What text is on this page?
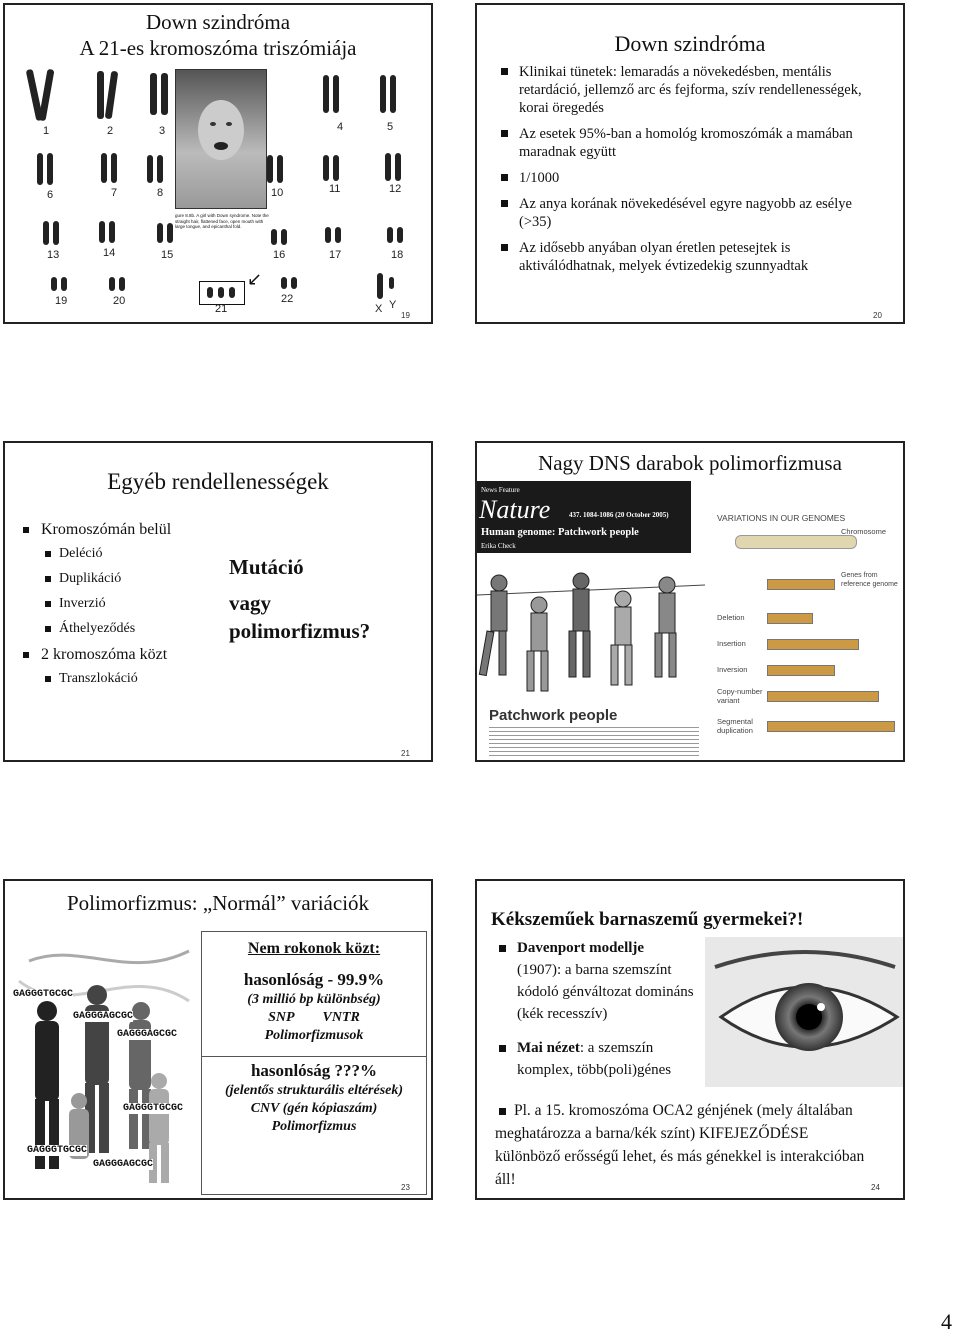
Down szindróma
A 21-es kromoszóma triszómiája
↙
1	2	3	4	5
6	7	8	10	11	12
13	14	15	16	17	18
19	20
21
22
X Y
gure 8.8b. A girl with Down syndrome. Note the straight hair, flattened face, open mouth with large tongue, and epicanthal fold.
19
Down szindróma
Klinikai tünetek: lemaradás a növekedésben, mentális retardáció, jellemző arc és fejforma, szív rendellenességek, korai öregedés
Az esetek 95%-ban a homológ kromoszómák a mamában maradnak együtt
1/1000
Az anya korának növekedésével egyre nagyobb az esélye (>35)
Az idősebb anyában olyan éretlen petesejtek is aktiválódhatnak, melyek évtizedekig szunnyadtak
20
Egyéb rendellenességek
Kromoszómán belül
Deléció
Duplikáció
Inverzió
Áthelyeződés
2 kromoszóma közt
Transzlokáció
Mutáció
vagy
polimorfizmus?
21
Nagy DNS darabok polimorfizmusa
News Feature
Nature	437. 1084-1086 (20 October 2005)
Human genome: Patchwork people
Erika Check
Patchwork people
VARIATIONS IN OUR GENOMES
Chromosome
Genes from reference genome
Deletion
Insertion
Inversion
Copy-number variant
Segmental duplication
Polimorfizmus: „Normál” variációk
GAGGGTGCGC
GAGGGAGCGC
GAGGGAGCGC
GAGGGTGCGC
GAGGGTGCGC
GAGGGAGCGC
Nem rokonok közt:
hasonlóság - 99.9%
(3 millió bp különbség)
SNP VNTR
Polimorfizmusok
hasonlóság ???%
(jelentős strukturális eltérések)
CNV (gén kópiaszám)
Polimorfizmus
23
Kékszeműek barnaszemű gyermekei?!
Davenport modellje
(1907): a barna szemszínt kódoló génváltozat domináns (kék recesszív)
Mai nézet: a szemszín komplex, több(poli)génes
Pl. a 15. kromoszóma OCA2 génjének (mely általában meghatározza a barna/kék színt) KIFEJEZŐDÉSE különböző erősségű lehet, és más génekkel is interakcióban áll!	24
4
